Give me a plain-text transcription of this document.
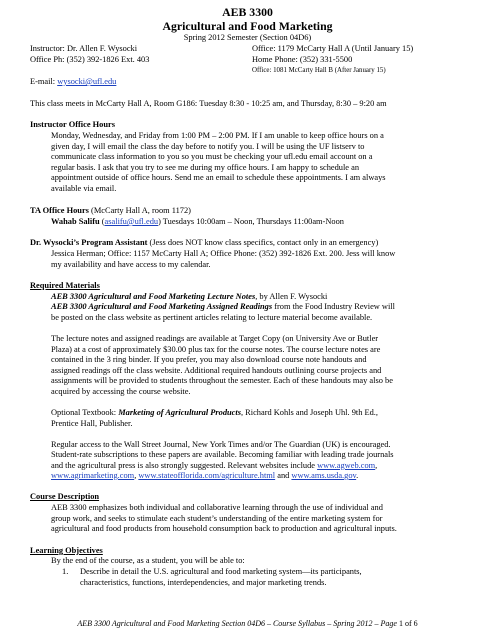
AEB 3300
Agricultural and Food Marketing
Spring 2012 Semester (Section 04D6)
Instructor: Dr. Allen F. Wysocki	Office: 1179 McCarty Hall A (Until January 15)
Office Ph: (352) 392-1826 Ext. 403	Home Phone: (352) 331-5500
Office: 1081 McCarty Hall B (After January 15)
E-mail: wysocki@ufl.edu
This class meets in McCarty Hall A, Room G186: Tuesday 8:30 - 10:25 am, and Thursday, 8:30 – 9:20 am
Instructor Office Hours
Monday, Wednesday, and Friday from 1:00 PM – 2:00 PM. If I am unable to keep office hours on a
given day, I will email the class the day before to notify you. I will be using the UF listserv to
communicate class information to you so you must be checking your ufl.edu email account on a
regular basis. I ask that you try to see me during my office hours. I am happy to schedule an
appointment outside of office hours. Send me an email to schedule these appointments. I am always
available via email.
TA Office Hours (McCarty Hall A, room 1172)
Wahab Salifu (asalifu@ufl.edu) Tuesdays 10:00am – Noon, Thursdays 11:00am-Noon
Dr. Wysocki’s Program Assistant (Jess does NOT know class specifics, contact only in an emergency)
Jessica Herman; Office: 1157 McCarty Hall A; Office Phone: (352) 392-1826 Ext. 200. Jess will know
my availability and have access to my calendar.
Required Materials
AEB 3300 Agricultural and Food Marketing Lecture Notes, by Allen F. Wysocki
AEB 3300 Agricultural and Food Marketing Assigned Readings from the Food Industry Review will
be posted on the class website as pertinent articles relating to lecture material become available.
The lecture notes and assigned readings are available at Target Copy (on University Ave or Butler
Plaza) at a cost of approximately $30.00 plus tax for the course notes. The course lecture notes are
contained in the 3 ring binder. If you prefer, you may also download course note handouts and
assigned readings off the class website. Additional required handouts outlining course projects and
assignments will be provided to students throughout the semester. Each of these handouts may also be
acquired by accessing the course website.
Optional Textbook: Marketing of Agricultural Products, Richard Kohls and Joseph Uhl. 9th Ed.,
Prentice Hall, Publisher.
Regular access to the Wall Street Journal, New York Times and/or The Guardian (UK) is encouraged.
Student-rate subscriptions to these papers are available. Becoming familiar with leading trade journals
and the agricultural press is also strongly suggested. Relevant websites include www.agweb.com,
www.agrimarketing.com, www.stateofflorida.com/agriculture.html and www.ams.usda.gov.
Course Description
AEB 3300 emphasizes both individual and collaborative learning through the use of individual and
group work, and seeks to stimulate each student’s understanding of the entire marketing system for
agricultural and food products from household consumption back to production and agricultural inputs.
Learning Objectives
By the end of the course, as a student, you will be able to:
1. Describe in detail the U.S. agricultural and food marketing system—its participants,
characteristics, functions, interdependencies, and major marketing trends.
AEB 3300 Agricultural and Food Marketing Section 04D6 – Course Syllabus – Spring 2012 – Page 1 of 6
